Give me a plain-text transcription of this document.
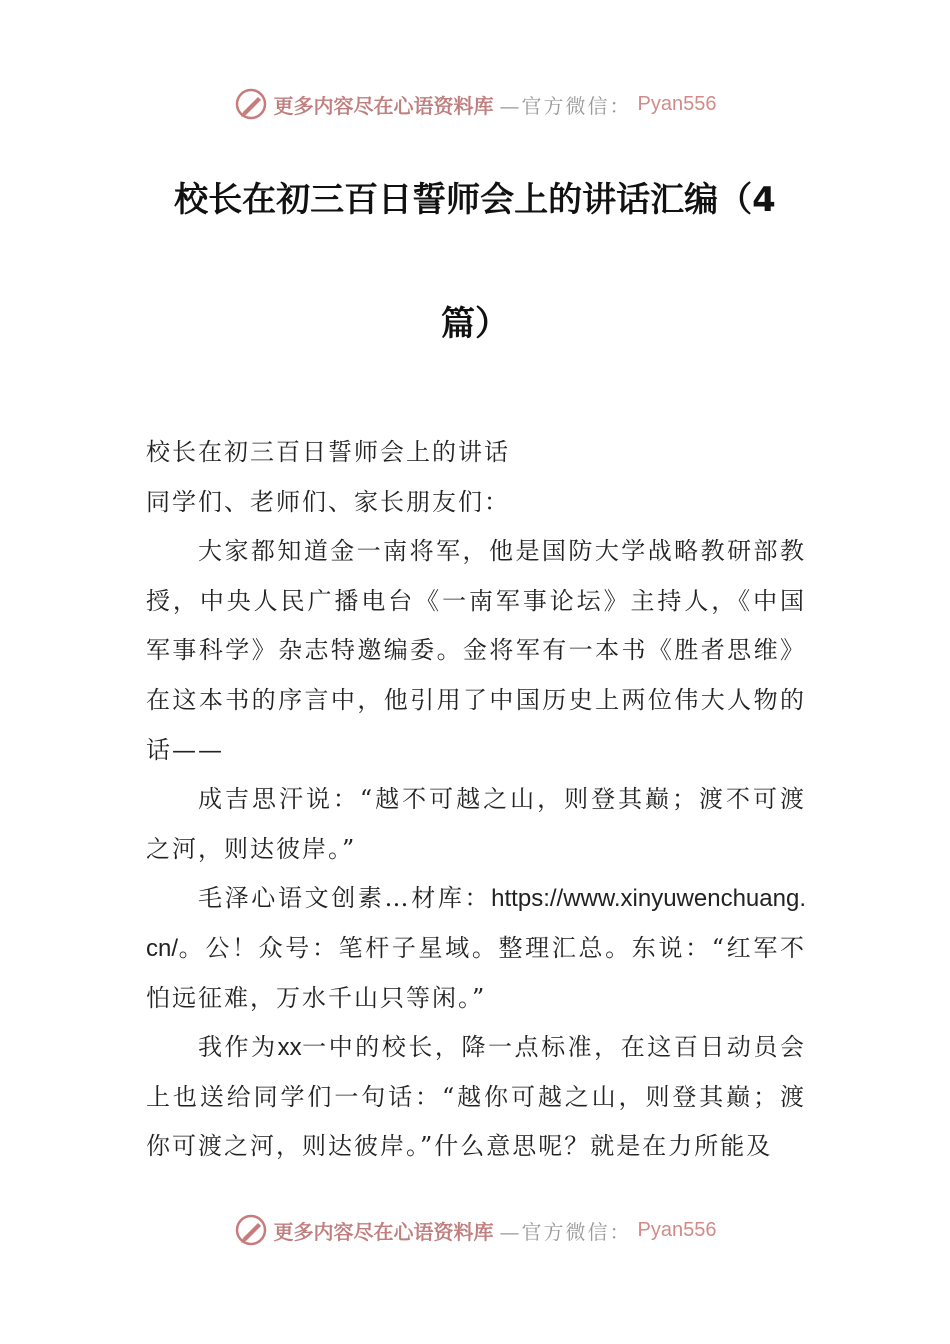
更多内容尽在心语资料库 —官方微信： Pyan556
校长在初三百日誓师会上的讲话汇编（4
篇）

校长在初三百日誓师会上的讲话

同学们、老师们、家长朋友们：

大家都知道金一南将军，他是国防大学战略教研部教授，中央人民广播电台《一南军事论坛》主持人，《中国军事科学》杂志特邀编委。金将军有一本书《胜者思维》在这本书的序言中，他引用了中国历史上两位伟大人物的话——

成吉思汗说：“越不可越之山，则登其巅；渡不可渡之河，则达彼岸。”

毛泽心语文创素…材库：https://www.xinyuwenchuang.cn/。公！众号：笔杆子星域。整理汇总。东说：“红军不怕远征难，万水千山只等闲。”

我作为xx一中的校长，降一点标准，在这百日动员会上也送给同学们一句话：“越你可越之山，则登其巅；渡你可渡之河，则达彼岸。”什么意思呢？就是在力所能及

更多内容尽在心语资料库 —官方微信： Pyan556
